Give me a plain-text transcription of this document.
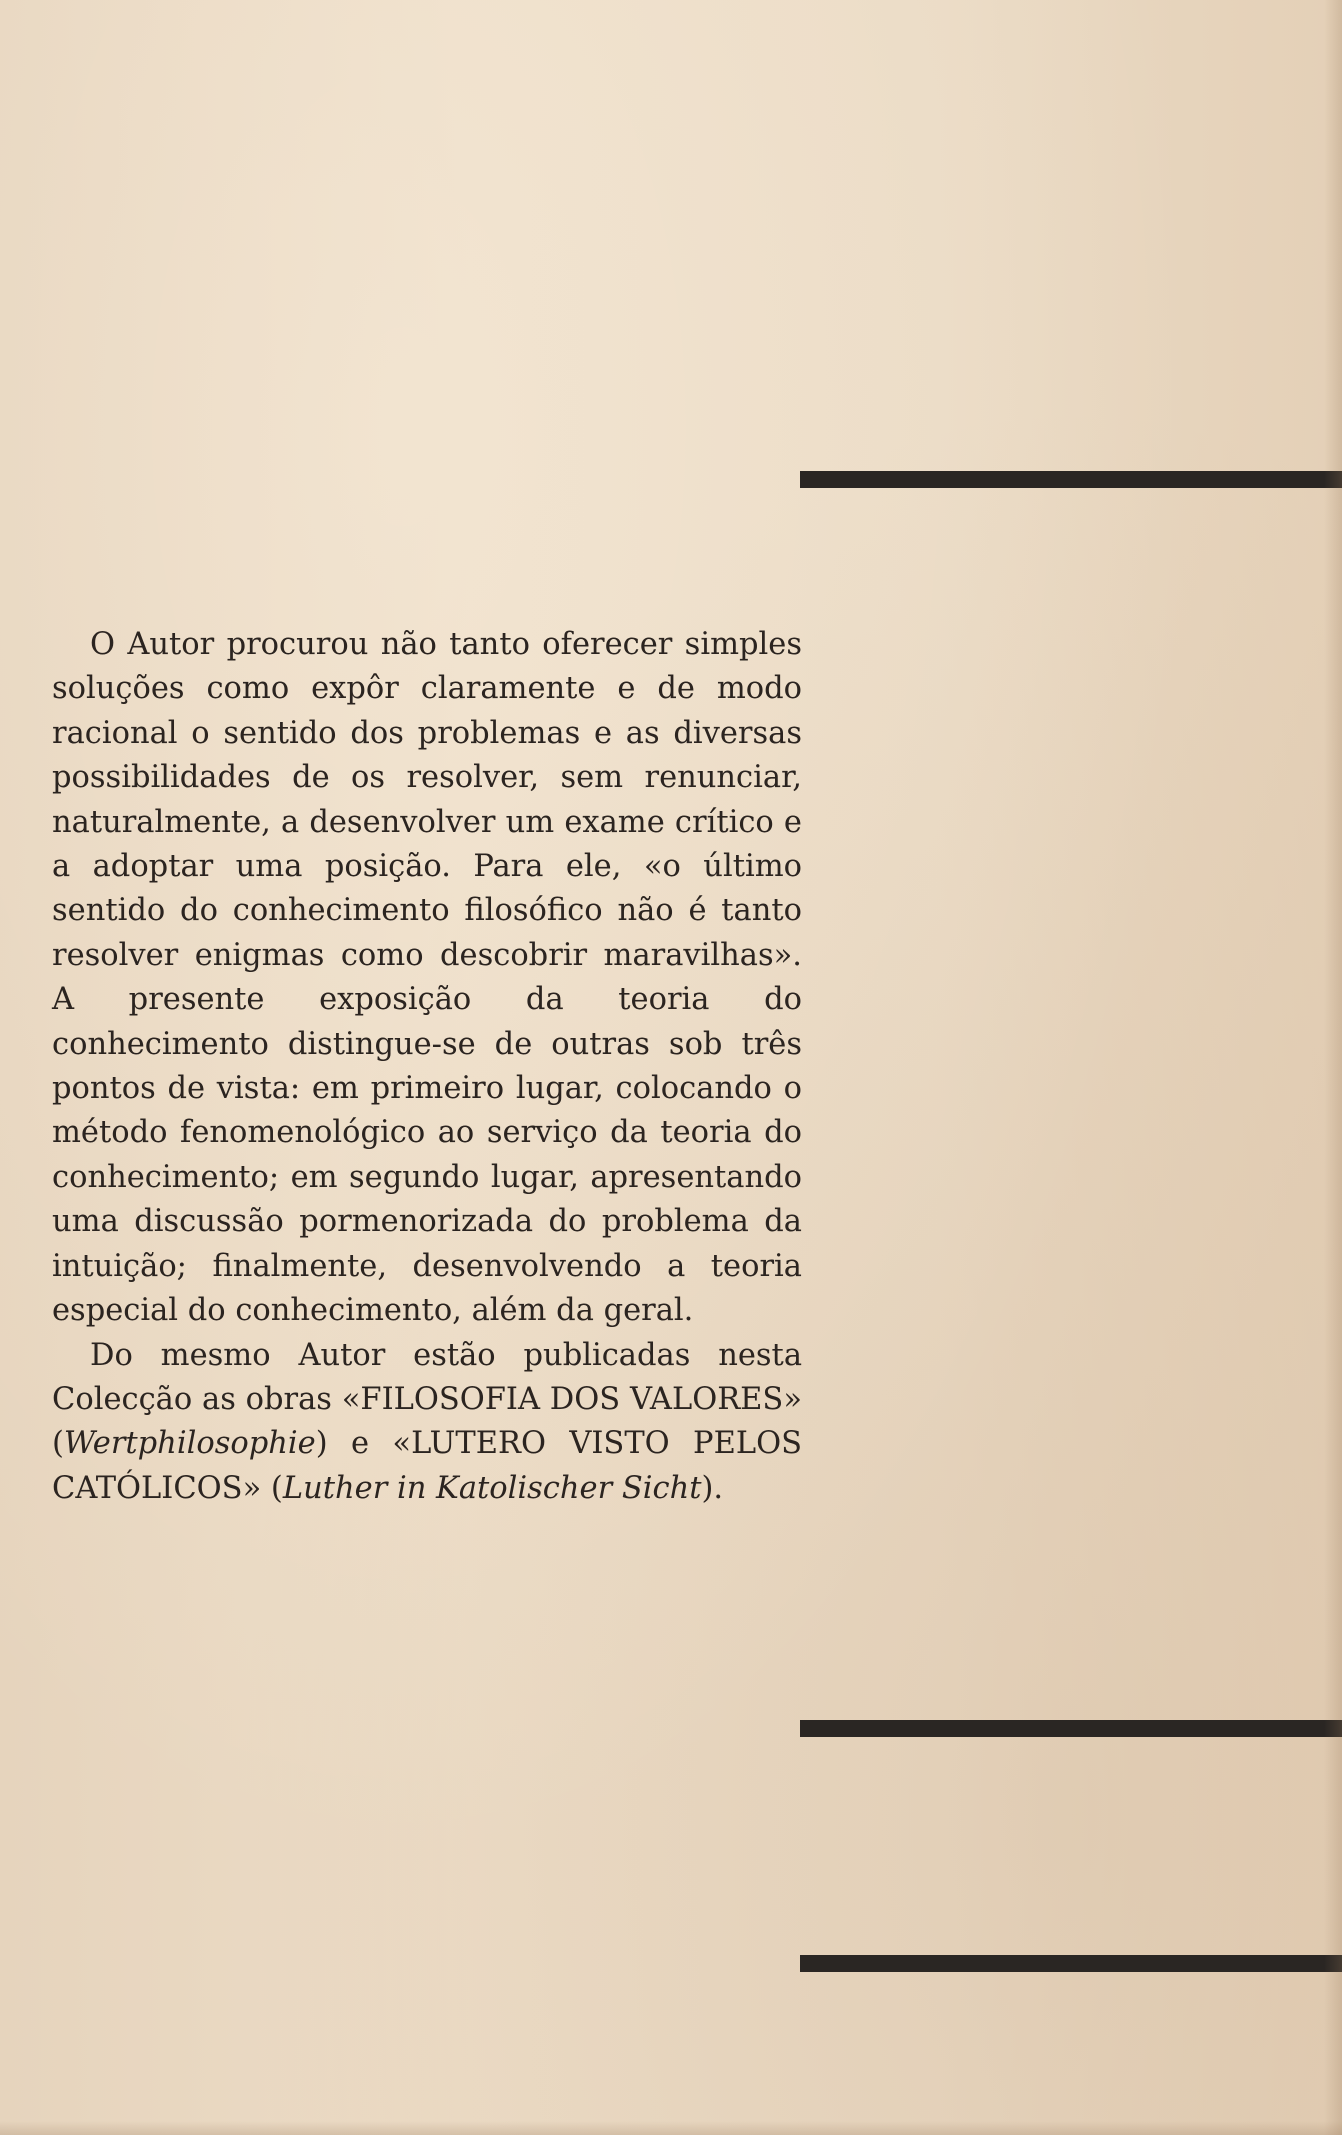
O Autor procurou não tanto oferecer simples soluções como expôr claramente e de modo racional o sentido dos problemas e as diversas possibilidades de os resolver, sem renunciar, naturalmente, a desenvolver um exame crítico e a adoptar uma posição. Para ele, «o último sentido do conhecimento filosófico não é tanto resolver enigmas como descobrir maravilhas». A presente exposição da teoria do conhecimento distingue-se de outras sob três pontos de vista: em primeiro lugar, colocando o método fenomenológico ao serviço da teoria do conhecimento; em segundo lugar, apresentando uma discussão pormenorizada do problema da intuição; finalmente, desenvolvendo a teoria especial do conhecimento, além da geral.

Do mesmo Autor estão publicadas nesta Colecção as obras «FILOSOFIA DOS VALORES» (Wertphilosophie) e «LUTERO VISTO PELOS CATÓLICOS» (Luther in Katolischer Sicht).
